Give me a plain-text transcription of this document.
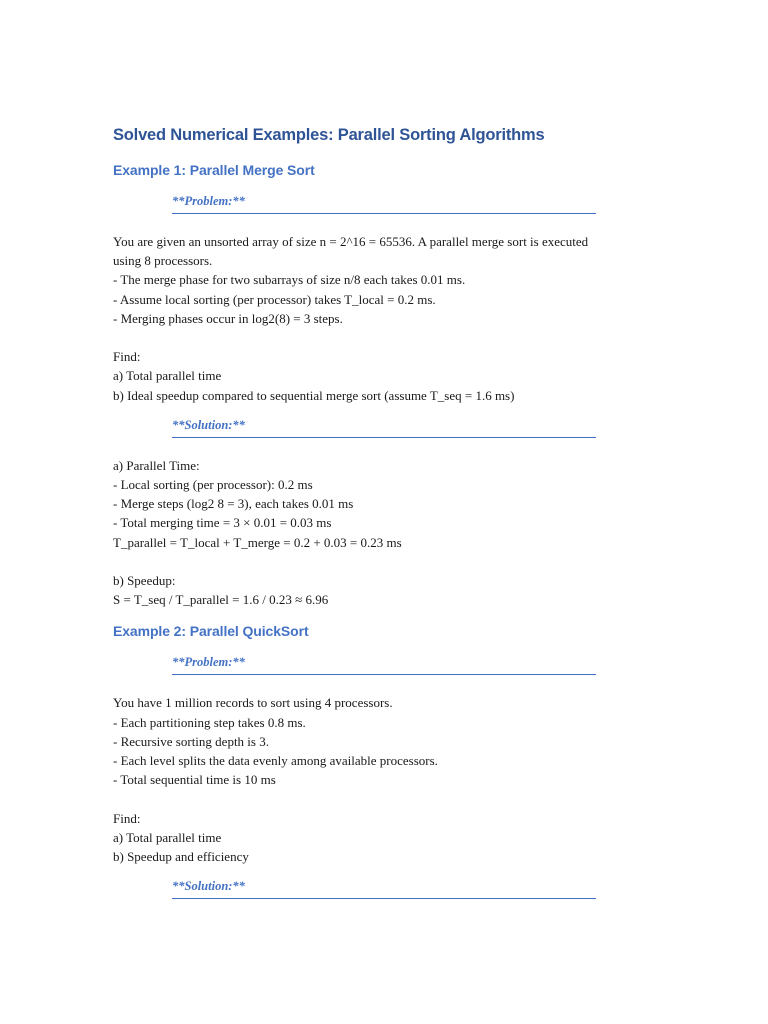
Solved Numerical Examples: Parallel Sorting Algorithms
Example 1: Parallel Merge Sort
**Problem:**
You are given an unsorted array of size n = 2^16 = 65536. A parallel merge sort is executed
using 8 processors.
- The merge phase for two subarrays of size n/8 each takes 0.01 ms.
- Assume local sorting (per processor) takes T_local = 0.2 ms.
- Merging phases occur in log2(8) = 3 steps.
Find:
a) Total parallel time
b) Ideal speedup compared to sequential merge sort (assume T_seq = 1.6 ms)
**Solution:**
a) Parallel Time:
- Local sorting (per processor): 0.2 ms
- Merge steps (log2 8 = 3), each takes 0.01 ms
- Total merging time = 3 × 0.01 = 0.03 ms
T_parallel = T_local + T_merge = 0.2 + 0.03 = 0.23 ms
b) Speedup:
S = T_seq / T_parallel = 1.6 / 0.23 ≈ 6.96
Example 2: Parallel QuickSort
**Problem:**
You have 1 million records to sort using 4 processors.
- Each partitioning step takes 0.8 ms.
- Recursive sorting depth is 3.
- Each level splits the data evenly among available processors.
- Total sequential time is 10 ms
Find:
a) Total parallel time
b) Speedup and efficiency
**Solution:**
